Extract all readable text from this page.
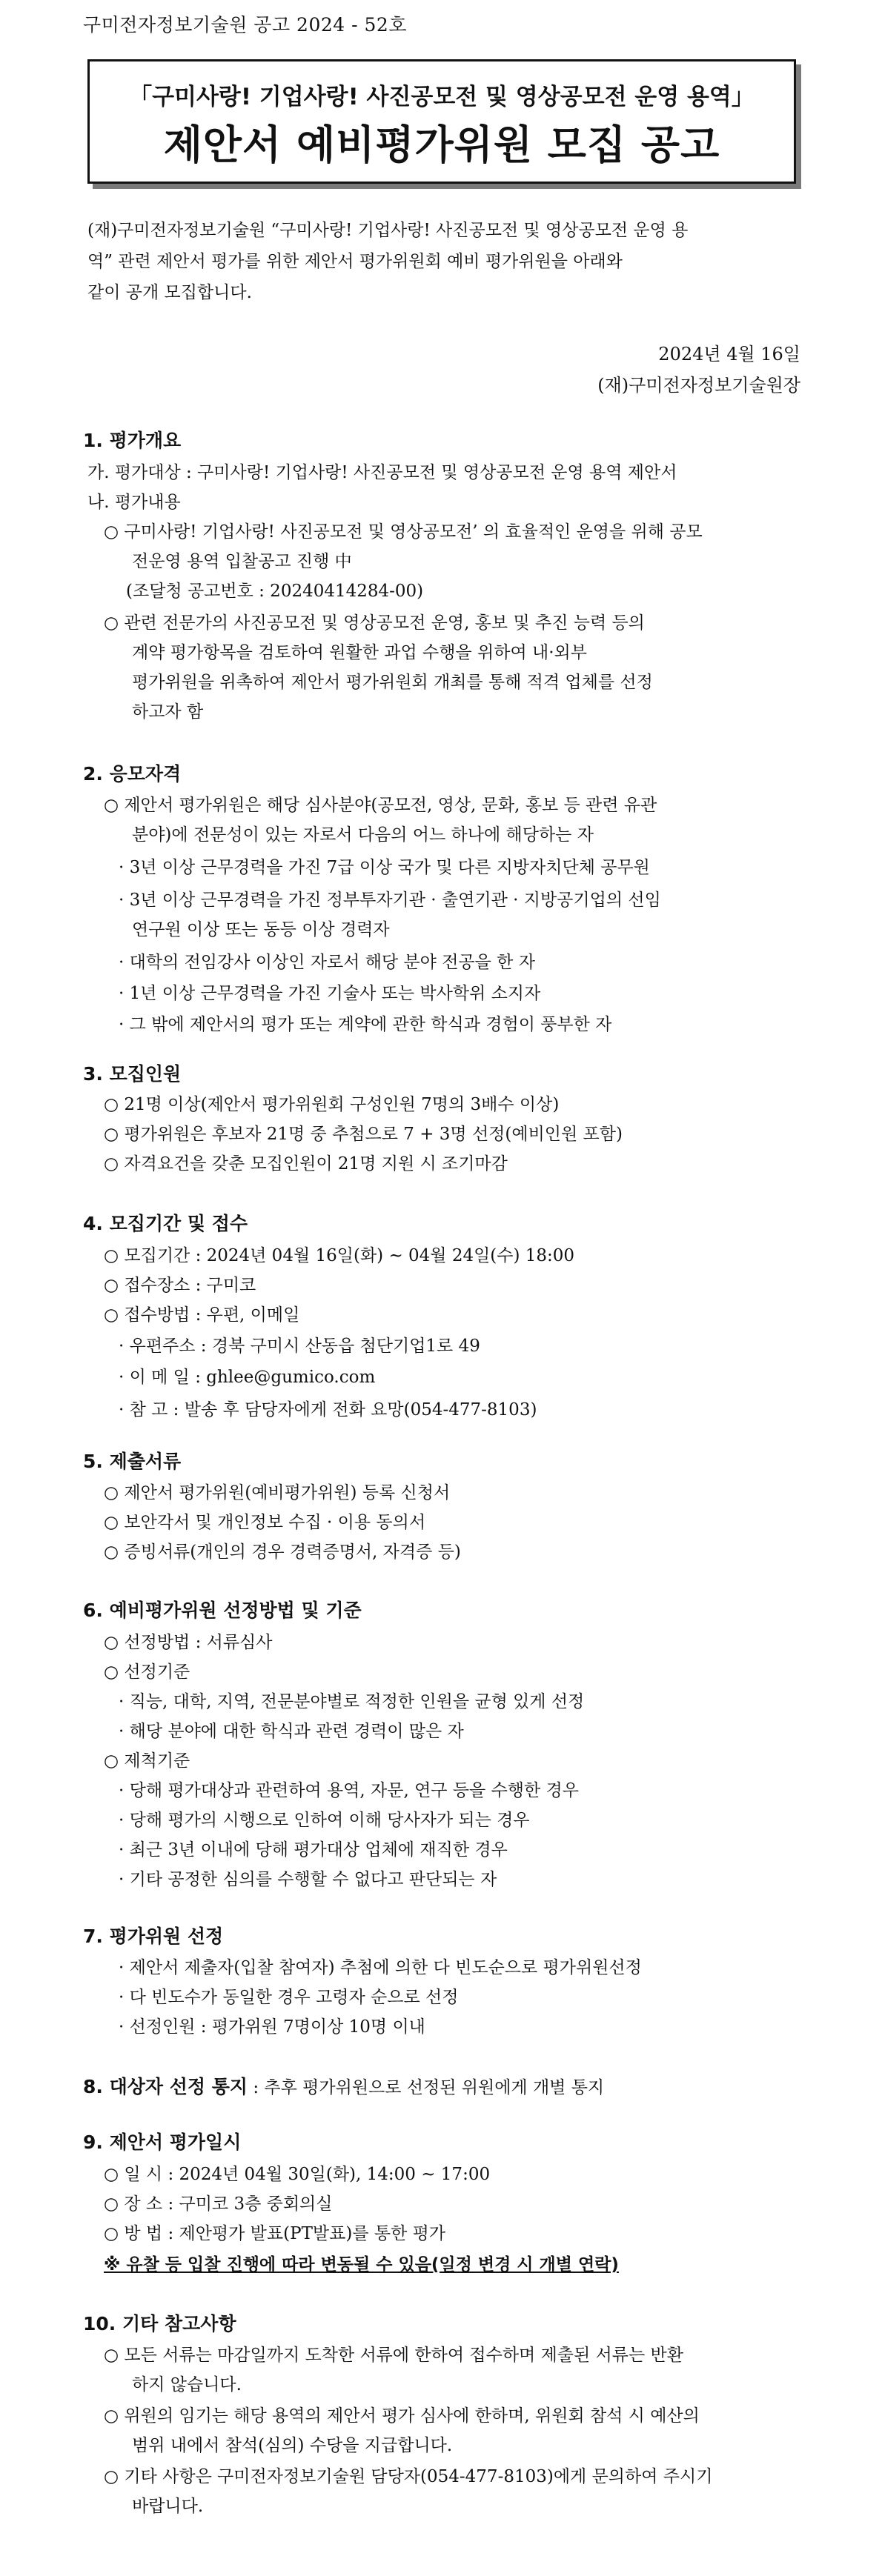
구미전자정보기술원 공고 2024 - 52호
「구미사랑! 기업사랑! 사진공모전 및 영상공모전 운영 용역」
제안서 예비평가위원 모집 공고
(재)구미전자정보기술원 “구미사랑! 기업사랑! 사진공모전 및 영상공모전 운영 용
역” 관련 제안서 평가를 위한 제안서 평가위원회 예비 평가위원을 아래와
같이 공개 모집합니다.
2024년 4월 16일
(재)구미전자정보기술원장
1. 평가개요
가. 평가대상 : 구미사랑! 기업사랑! 사진공모전 및 영상공모전 운영 용역 제안서
나. 평가내용
○ 구미사랑! 기업사랑! 사진공모전 및 영상공모전’ 의 효율적인 운영을 위해 공모
전운영 용역 입찰공고 진행 中
(조달청 공고번호 : 20240414284-00)
○ 관련 전문가의 사진공모전 및 영상공모전 운영, 홍보 및 추진 능력 등의
계약 평가항목을 검토하여 원활한 과업 수행을 위하여 내·외부
평가위원을 위촉하여 제안서 평가위원회 개최를 통해 적격 업체를 선정
하고자 함
2. 응모자격
○ 제안서 평가위원은 해당 심사분야(공모전, 영상, 문화, 홍보 등 관련 유관
분야)에 전문성이 있는 자로서 다음의 어느 하나에 해당하는 자
· 3년 이상 근무경력을 가진 7급 이상 국가 및 다른 지방자치단체 공무원
· 3년 이상 근무경력을 가진 정부투자기관 · 출연기관 · 지방공기업의 선임
연구원 이상 또는 동등 이상 경력자
· 대학의 전임강사 이상인 자로서 해당 분야 전공을 한 자
· 1년 이상 근무경력을 가진 기술사 또는 박사학위 소지자
· 그 밖에 제안서의 평가 또는 계약에 관한 학식과 경험이 풍부한 자
3. 모집인원
○ 21명 이상(제안서 평가위원회 구성인원 7명의 3배수 이상)
○ 평가위원은 후보자 21명 중 추첨으로 7 + 3명 선정(예비인원 포함)
○ 자격요건을 갖춘 모집인원이 21명 지원 시 조기마감
4. 모집기간 및 접수
○ 모집기간 : 2024년 04월 16일(화) ~ 04월 24일(수) 18:00
○ 접수장소 : 구미코
○ 접수방법 : 우편, 이메일
· 우편주소 : 경북 구미시 산동읍 첨단기업1로 49
· 이 메 일 : ghlee@gumico.com
· 참 고 : 발송 후 담당자에게 전화 요망(054-477-8103)
5. 제출서류
○ 제안서 평가위원(예비평가위원) 등록 신청서
○ 보안각서 및 개인정보 수집 · 이용 동의서
○ 증빙서류(개인의 경우 경력증명서, 자격증 등)
6. 예비평가위원 선정방법 및 기준
○ 선정방법 : 서류심사
○ 선정기준
· 직능, 대학, 지역, 전문분야별로 적정한 인원을 균형 있게 선정
· 해당 분야에 대한 학식과 관련 경력이 많은 자
○ 제척기준
· 당해 평가대상과 관련하여 용역, 자문, 연구 등을 수행한 경우
· 당해 평가의 시행으로 인하여 이해 당사자가 되는 경우
· 최근 3년 이내에 당해 평가대상 업체에 재직한 경우
· 기타 공정한 심의를 수행할 수 없다고 판단되는 자
7. 평가위원 선정
· 제안서 제출자(입찰 참여자) 추첨에 의한 다 빈도순으로 평가위원선정
· 다 빈도수가 동일한 경우 고령자 순으로 선정
· 선정인원 : 평가위원 7명이상 10명 이내
8. 대상자 선정 통지 : 추후 평가위원으로 선정된 위원에게 개별 통지
9. 제안서 평가일시
○ 일 시 : 2024년 04월 30일(화), 14:00 ~ 17:00
○ 장 소 : 구미코 3층 중회의실
○ 방 법 : 제안평가 발표(PT발표)를 통한 평가
※ 유찰 등 입찰 진행에 따라 변동될 수 있음(일정 변경 시 개별 연락)
10. 기타 참고사항
○ 모든 서류는 마감일까지 도착한 서류에 한하여 접수하며 제출된 서류는 반환
하지 않습니다.
○ 위원의 임기는 해당 용역의 제안서 평가 심사에 한하며, 위원회 참석 시 예산의
범위 내에서 참석(심의) 수당을 지급합니다.
○ 기타 사항은 구미전자정보기술원 담당자(054-477-8103)에게 문의하여 주시기
바랍니다.
